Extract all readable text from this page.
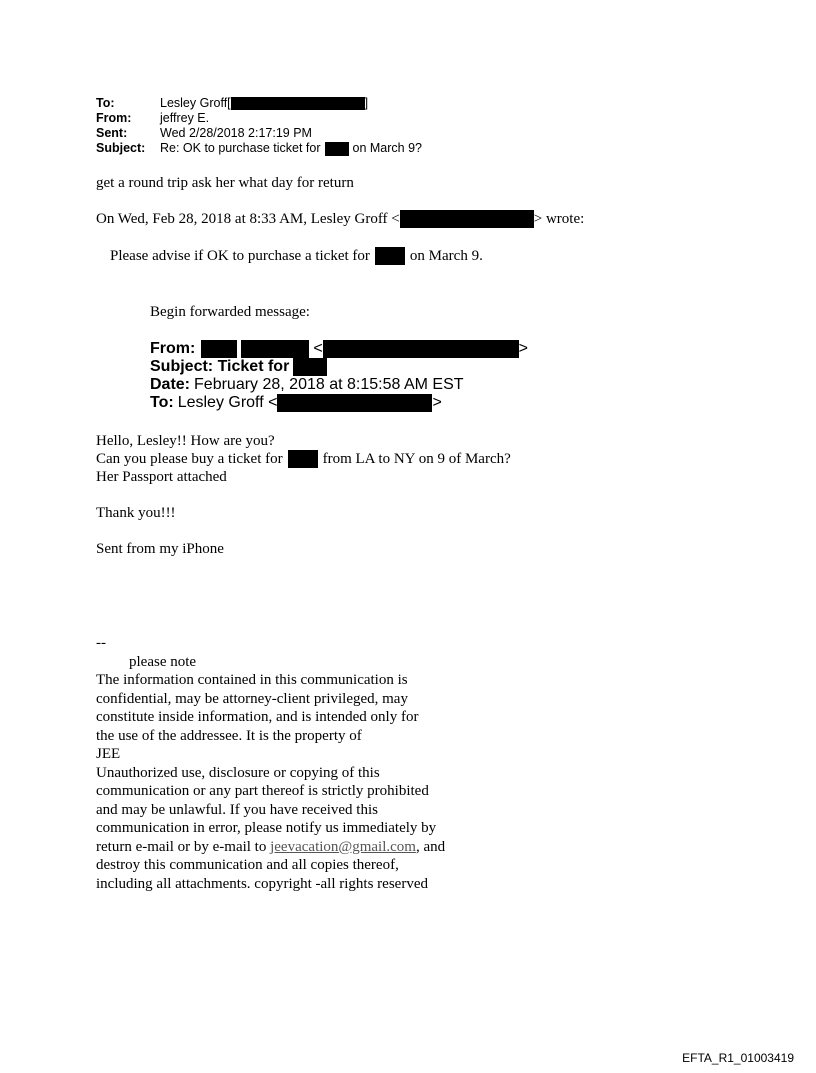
To:	Lesley Groff[	]
From:	jeffrey E.
Sent:	Wed 2/28/2018 2:17:19 PM
Subject:	Re: OK to purchase ticket for	on March 9?
get a round trip ask her what day for return
On Wed, Feb 28, 2018 at 8:33 AM, Lesley Groff <	> wrote:
Please advise if OK to purchase a ticket for	on March 9.
Begin forwarded message:
From:	<	>
Subject: Ticket for
Date: February 28, 2018 at 8:15:58 AM EST
To: Lesley Groff <	>
Hello, Lesley!! How are you?
Can you please buy a ticket for	from LA to NY on 9 of March?
Her Passport attached
Thank you!!!
Sent from my iPhone
--
please note
The information contained in this communication is
confidential, may be attorney-client privileged, may
constitute inside information, and is intended only for
the use of the addressee. It is the property of
JEE
Unauthorized use, disclosure or copying of this
communication or any part thereof is strictly prohibited
and may be unlawful. If you have received this
communication in error, please notify us immediately by
return e-mail or by e-mail to jeevacation@gmail.com, and
destroy this communication and all copies thereof,
including all attachments. copyright -all rights reserved
EFTA_R1_01003419
